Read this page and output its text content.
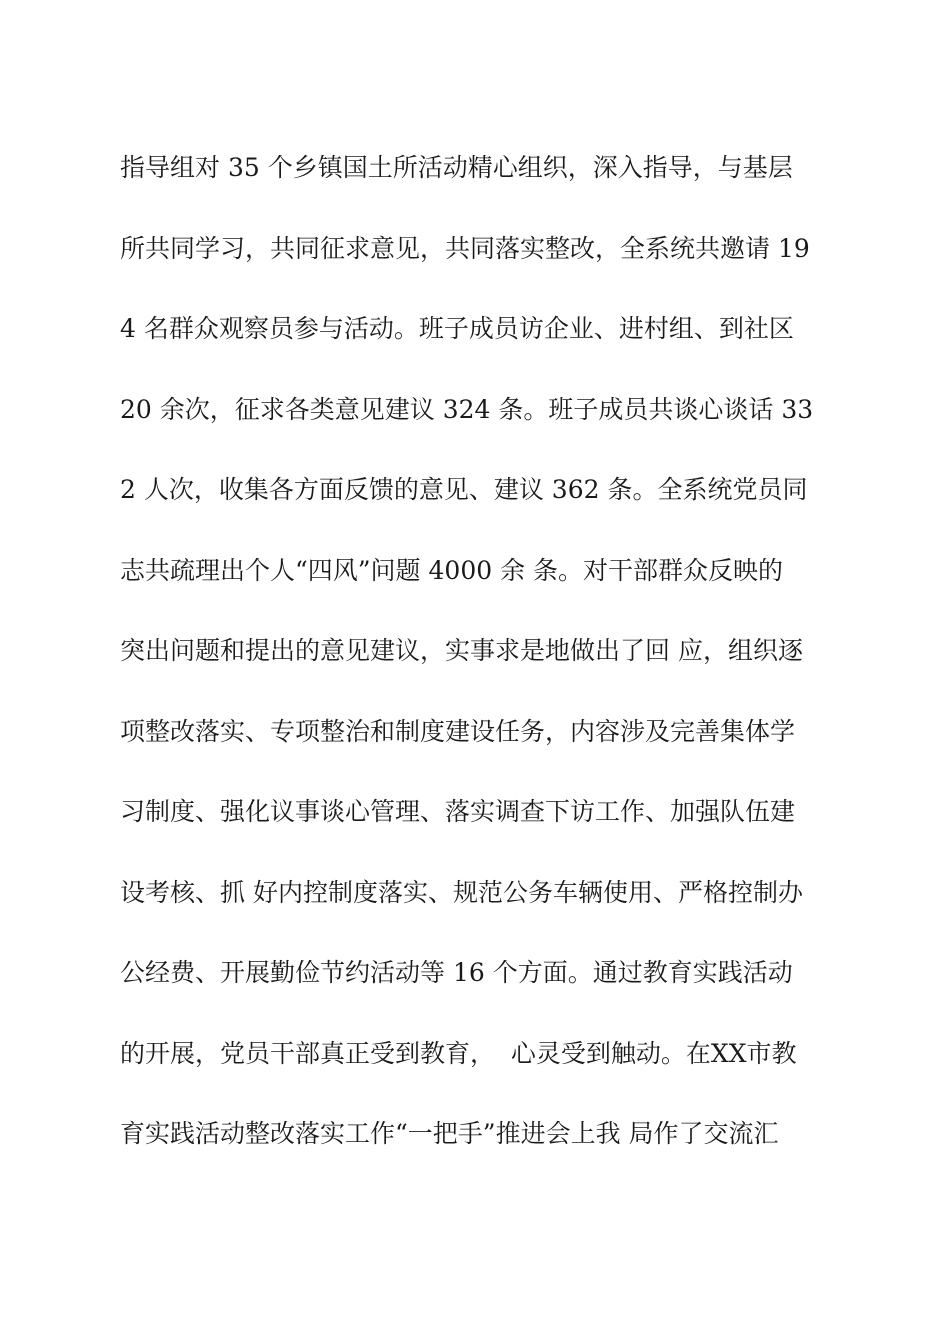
指导组对 35 个乡镇国土所活动精心组织，深入指导，与基层
所共同学习，共同征求意见，共同落实整改，全系统共邀请 19
4 名群众观察员参与活动。班子成员访企业、进村组、到社区
20 余次，征求各类意见建议 324 条。班子成员共谈心谈话 33
2 人次，收集各方面反馈的意见、建议 362 条。全系统党员同
志共疏理出个人“四风”问题 4000 余 条。对干部群众反映的
突出问题和提出的意见建议，实事求是地做出了回 应，组织逐
项整改落实、专项整治和制度建设任务，内容涉及完善集体学
习制度、强化议事谈心管理、落实调查下访工作、加强队伍建
设考核、抓 好内控制度落实、规范公务车辆使用、严格控制办
公经费、开展勤俭节约活动等 16 个方面。通过教育实践活动
的开展，党员干部真正受到教育，  心灵受到触动。在XX市教
育实践活动整改落实工作“一把手”推进会上我 局作了交流汇
